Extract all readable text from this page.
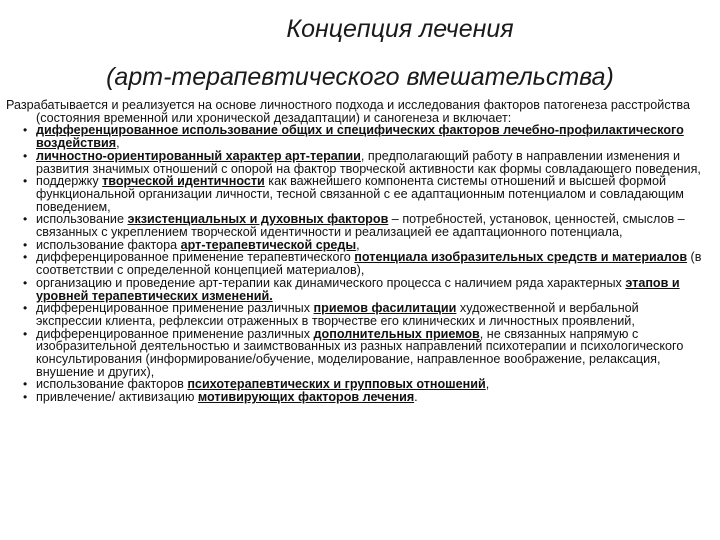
Концепция лечения
(арт-терапевтического вмешательства)
Разрабатывается и реализуется на основе личностного подхода и исследования факторов патогенеза расстройства (состояния временной или хронической дезадаптации) и саногенеза и включает:
• дифференцированное использование общих и специфических факторов лечебно-профилактического воздействия,
• личностно-ориентированный характер арт-терапии, предполагающий работу в направлении изменения и развития значимых отношений с опорой на фактор творческой активности как формы совладающего поведения,
• поддержку творческой идентичности как важнейшего компонента системы отношений и высшей формой функциональной организации личности, тесной связанной с ее адаптационным потенциалом и совладающим поведением,
• использование экзистенциальных и духовных факторов – потребностей, установок, ценностей, смыслов – связанных с укреплением творческой идентичности и реализацией ее адаптационного потенциала,
• использование фактора арт-терапевтической среды,
• дифференцированное применение терапевтического потенциала изобразительных средств и материалов (в соответствии с определенной концепцией материалов),
• организацию и проведение арт-терапии как динамического процесса с наличием ряда характерных этапов и уровней терапевтических изменений.
• дифференцированное применение различных приемов фасилитации художественной и вербальной экспрессии клиента, рефлексии отраженных в творчестве его клинических и личностных проявлений,
• дифференцированное применение различных дополнительных приемов, не связанных напрямую с изобразительной деятельностью и заимствованных из разных направлений психотерапии и психологического консультирования (информирование/обучение, моделирование, направленное воображение, релаксация, внушение и других),
• использование факторов психотерапевтических и групповых отношений,
• привлечение/ активизацию мотивирующих факторов лечения.
